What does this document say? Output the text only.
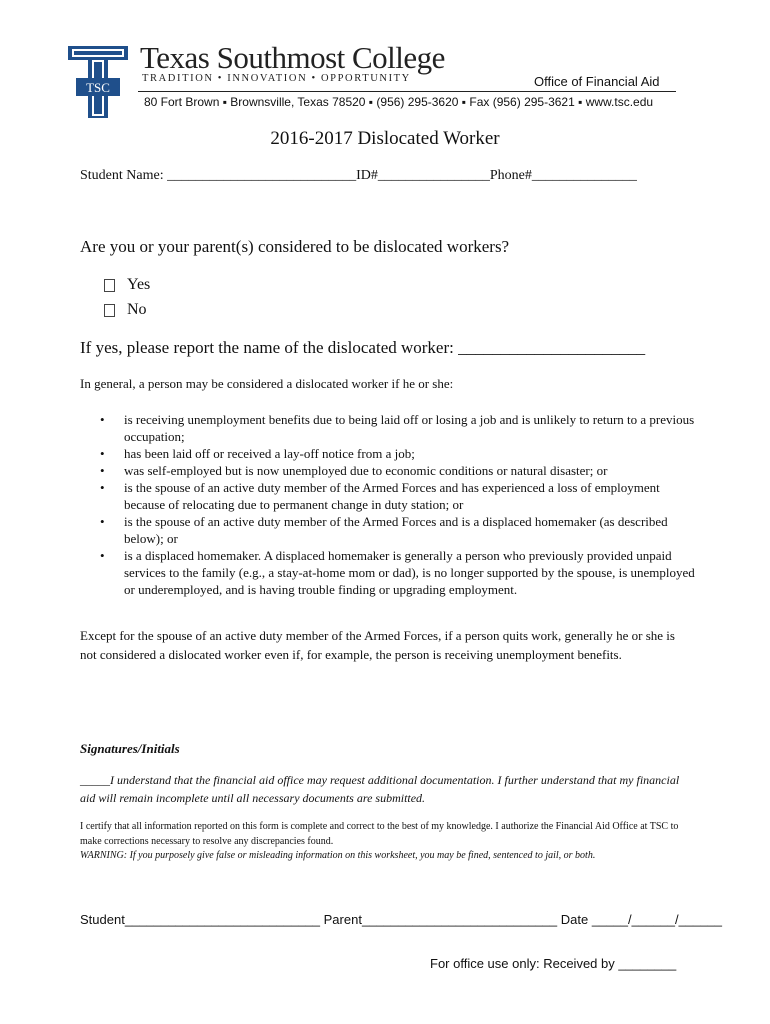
TSC
Texas Southmost College
TRADITION • INNOVATION • OPPORTUNITY	Office of Financial Aid
80 Fort Brown ▪ Brownsville, Texas 78520 ▪ (956) 295-3620 ▪ Fax (956) 295-3621 ▪ www.tsc.edu
2016-2017 Dislocated Worker
Student Name: ___________________________ID#________________Phone#_______________
Are you or your parent(s) considered to be dislocated workers?
Yes
No
If yes, please report the name of the dislocated worker: ______________________
In general, a person may be considered a dislocated worker if he or she:
• is receiving unemployment benefits due to being laid off or losing a job and is unlikely to return to a previous occupation;
• has been laid off or received a lay-off notice from a job;
• was self-employed but is now unemployed due to economic conditions or natural disaster; or
• is the spouse of an active duty member of the Armed Forces and has experienced a loss of employment because of relocating due to permanent change in duty station; or
• is the spouse of an active duty member of the Armed Forces and is a displaced homemaker (as described below); or
• is a displaced homemaker. A displaced homemaker is generally a person who previously provided unpaid services to the family (e.g., a stay-at-home mom or dad), is no longer supported by the spouse, is unemployed or underemployed, and is having trouble finding or upgrading employment.
Except for the spouse of an active duty member of the Armed Forces, if a person quits work, generally he or she is not considered a dislocated worker even if, for example, the person is receiving unemployment benefits.
Signatures/Initials
_____I understand that the financial aid office may request additional documentation. I further understand that my financial aid will remain incomplete until all necessary documents are submitted.
I certify that all information reported on this form is complete and correct to the best of my knowledge. I authorize the Financial Aid Office at TSC to make corrections necessary to resolve any discrepancies found.
WARNING: If you purposely give false or misleading information on this worksheet, you may be fined, sentenced to jail, or both.
Student___________________________ Parent___________________________ Date _____/______/______
For office use only: Received by ________
